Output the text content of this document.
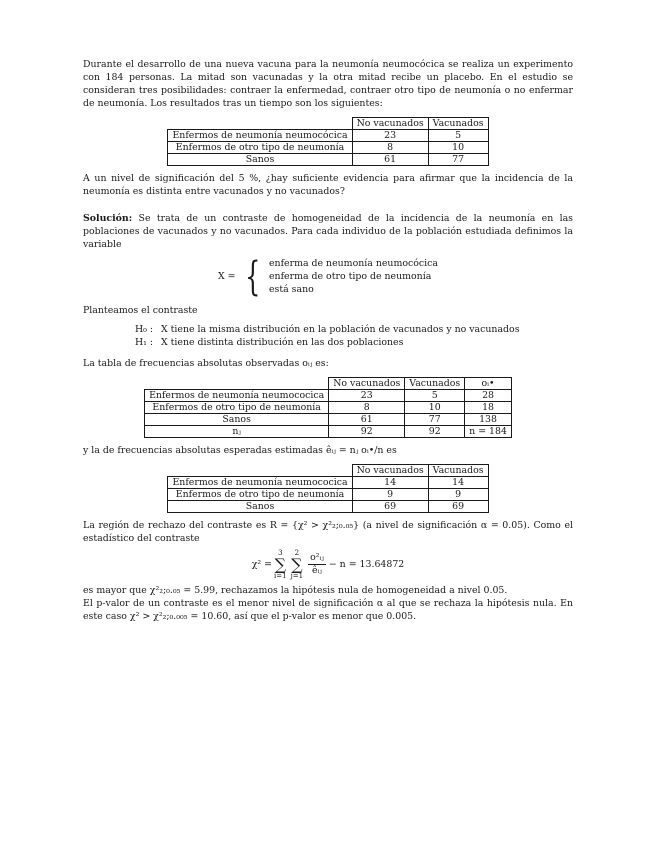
Durante el desarrollo de una nueva vacuna para la neumonía neumocócica se realiza un experimento con 184 personas. La mitad son vacunadas y la otra mitad recibe un placebo. En el estudio se consideran tres posibilidades: contraer la enfermedad, contraer otro tipo de neumonía o no enfermar de neumonía. Los resultados tras un tiempo son los siguientes:

	No vacunados	Vacunados
Enfermos de neumonía neumocócica	23	5
Enfermos de otro tipo de neumonía	8	10
Sanos	61	77

A un nivel de significación del 5 %, ¿hay suficiente evidencia para afirmar que la incidencia de la neumonía es distinta entre vacunados y no vacunados?

Solución: Se trata de un contraste de homogeneidad de la incidencia de la neumonía en las poblaciones de vacunados y no vacunados. Para cada individuo de la población estudiada definimos la variable

X = { enferma de neumonía neumocócica
enferma de otro tipo de neumonía
está sano

Planteamos el contraste

H₀ : X tiene la misma distribución en la población de vacunados y no vacunados
H₁ : X tiene distinta distribución en las dos poblaciones

La tabla de frecuencias absolutas observadas oᵢⱼ es:

	No vacunados	Vacunados	oᵢ•
Enfermos de neumonía neumococica	23	5	28
Enfermos de otro tipo de neumonía	8	10	18
Sanos	61	77	138
nⱼ	92	92	n = 184

y la de frecuencias absolutas esperadas estimadas êᵢⱼ = nⱼ oᵢ•/n es

	No vacunados	Vacunados
Enfermos de neumonía neumococica	14	14
Enfermos de otro tipo de neumonía	9	9
Sanos	69	69

La región de rechazo del contraste es R = {χ² > χ²₂;₀.₀₅} (a nivel de significación α = 0.05). Como el estadístico del contraste

χ² =
3
∑
i=1
2
∑
$j=1 \frac{\text{o²ᵢⱼ}}{\text{êᵢⱼ}} - n = 13.64872$

es mayor que χ²₂;₀.₀₅ = 5.99, rechazamos la hipótesis nula de homogeneidad a nivel 0.05.

El p-valor de un contraste es el menor nivel de significación α al que se rechaza la hipótesis nula. En este caso χ² > χ²₂;₀.₀₀₅ = 10.60, así que el p-valor es menor que 0.005.
